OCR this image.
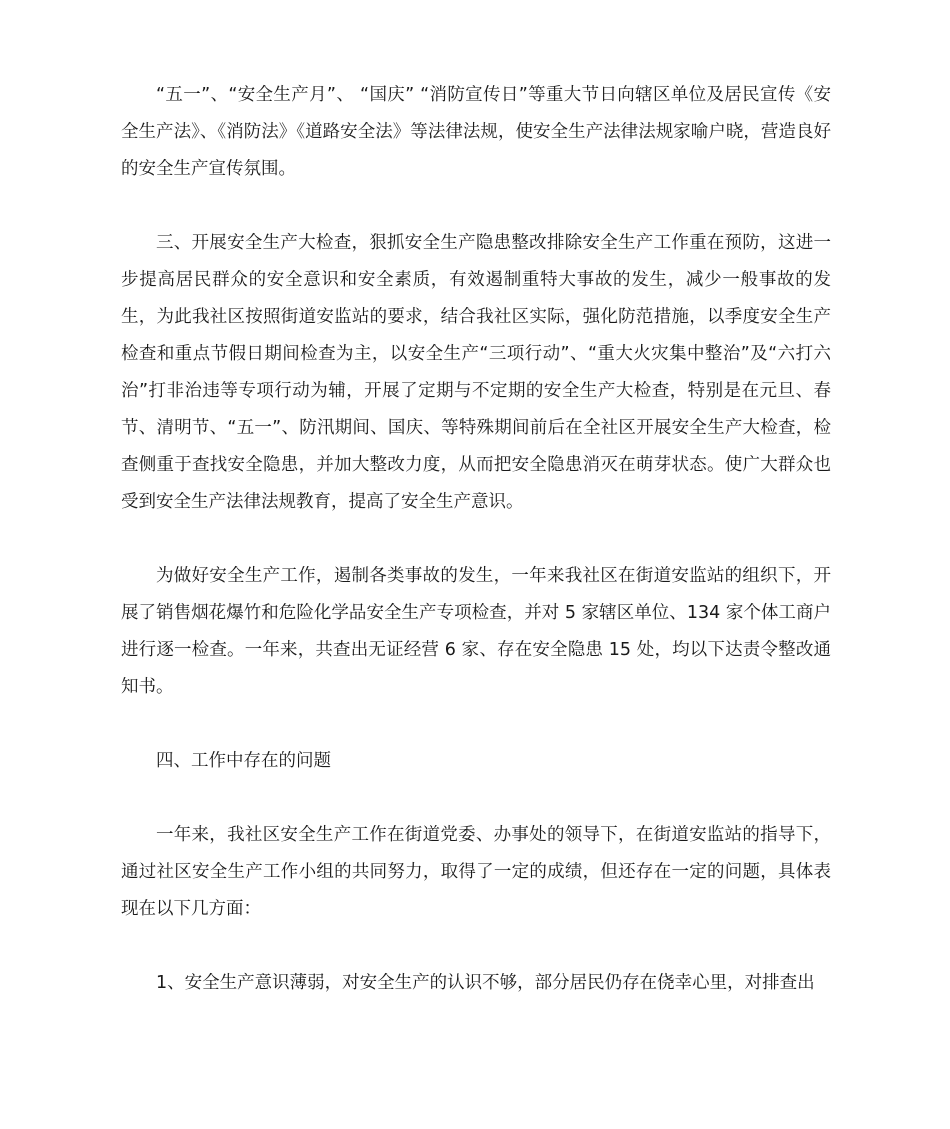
“五一”、“安全生产月”、 “国庆” “消防宣传日”等重大节日向辖区单位及居民宣传《安全生产法》、《消防法》《道路安全法》等法律法规，使安全生产法律法规家喻户晓，营造良好的安全生产宣传氛围。

三、开展安全生产大检查，狠抓安全生产隐患整改排除安全生产工作重在预防，这进一步提高居民群众的安全意识和安全素质，有效遏制重特大事故的发生，减少一般事故的发生，为此我社区按照街道安监站的要求，结合我社区实际，强化防范措施，以季度安全生产检查和重点节假日期间检查为主，以安全生产“三项行动”、“重大火灾集中整治”及“六打六治”打非治违等专项行动为辅，开展了定期与不定期的安全生产大检查，特别是在元旦、春节、清明节、“五一”、防汛期间、国庆、等特殊期间前后在全社区开展安全生产大检查，检查侧重于查找安全隐患，并加大整改力度，从而把安全隐患消灭在萌芽状态。使广大群众也受到安全生产法律法规教育，提高了安全生产意识。

为做好安全生产工作，遏制各类事故的发生，一年来我社区在街道安监站的组织下，开展了销售烟花爆竹和危险化学品安全生产专项检查，并对 5 家辖区单位、134 家个体工商户进行逐一检查。一年来，共查出无证经营 6 家、存在安全隐患 15 处，均以下达责令整改通知书。

四、工作中存在的问题

一年来，我社区安全生产工作在街道党委、办事处的领导下，在街道安监站的指导下，通过社区安全生产工作小组的共同努力，取得了一定的成绩，但还存在一定的问题，具体表现在以下几方面：

1、安全生产意识薄弱，对安全生产的认识不够，部分居民仍存在侥幸心里，对排查出
